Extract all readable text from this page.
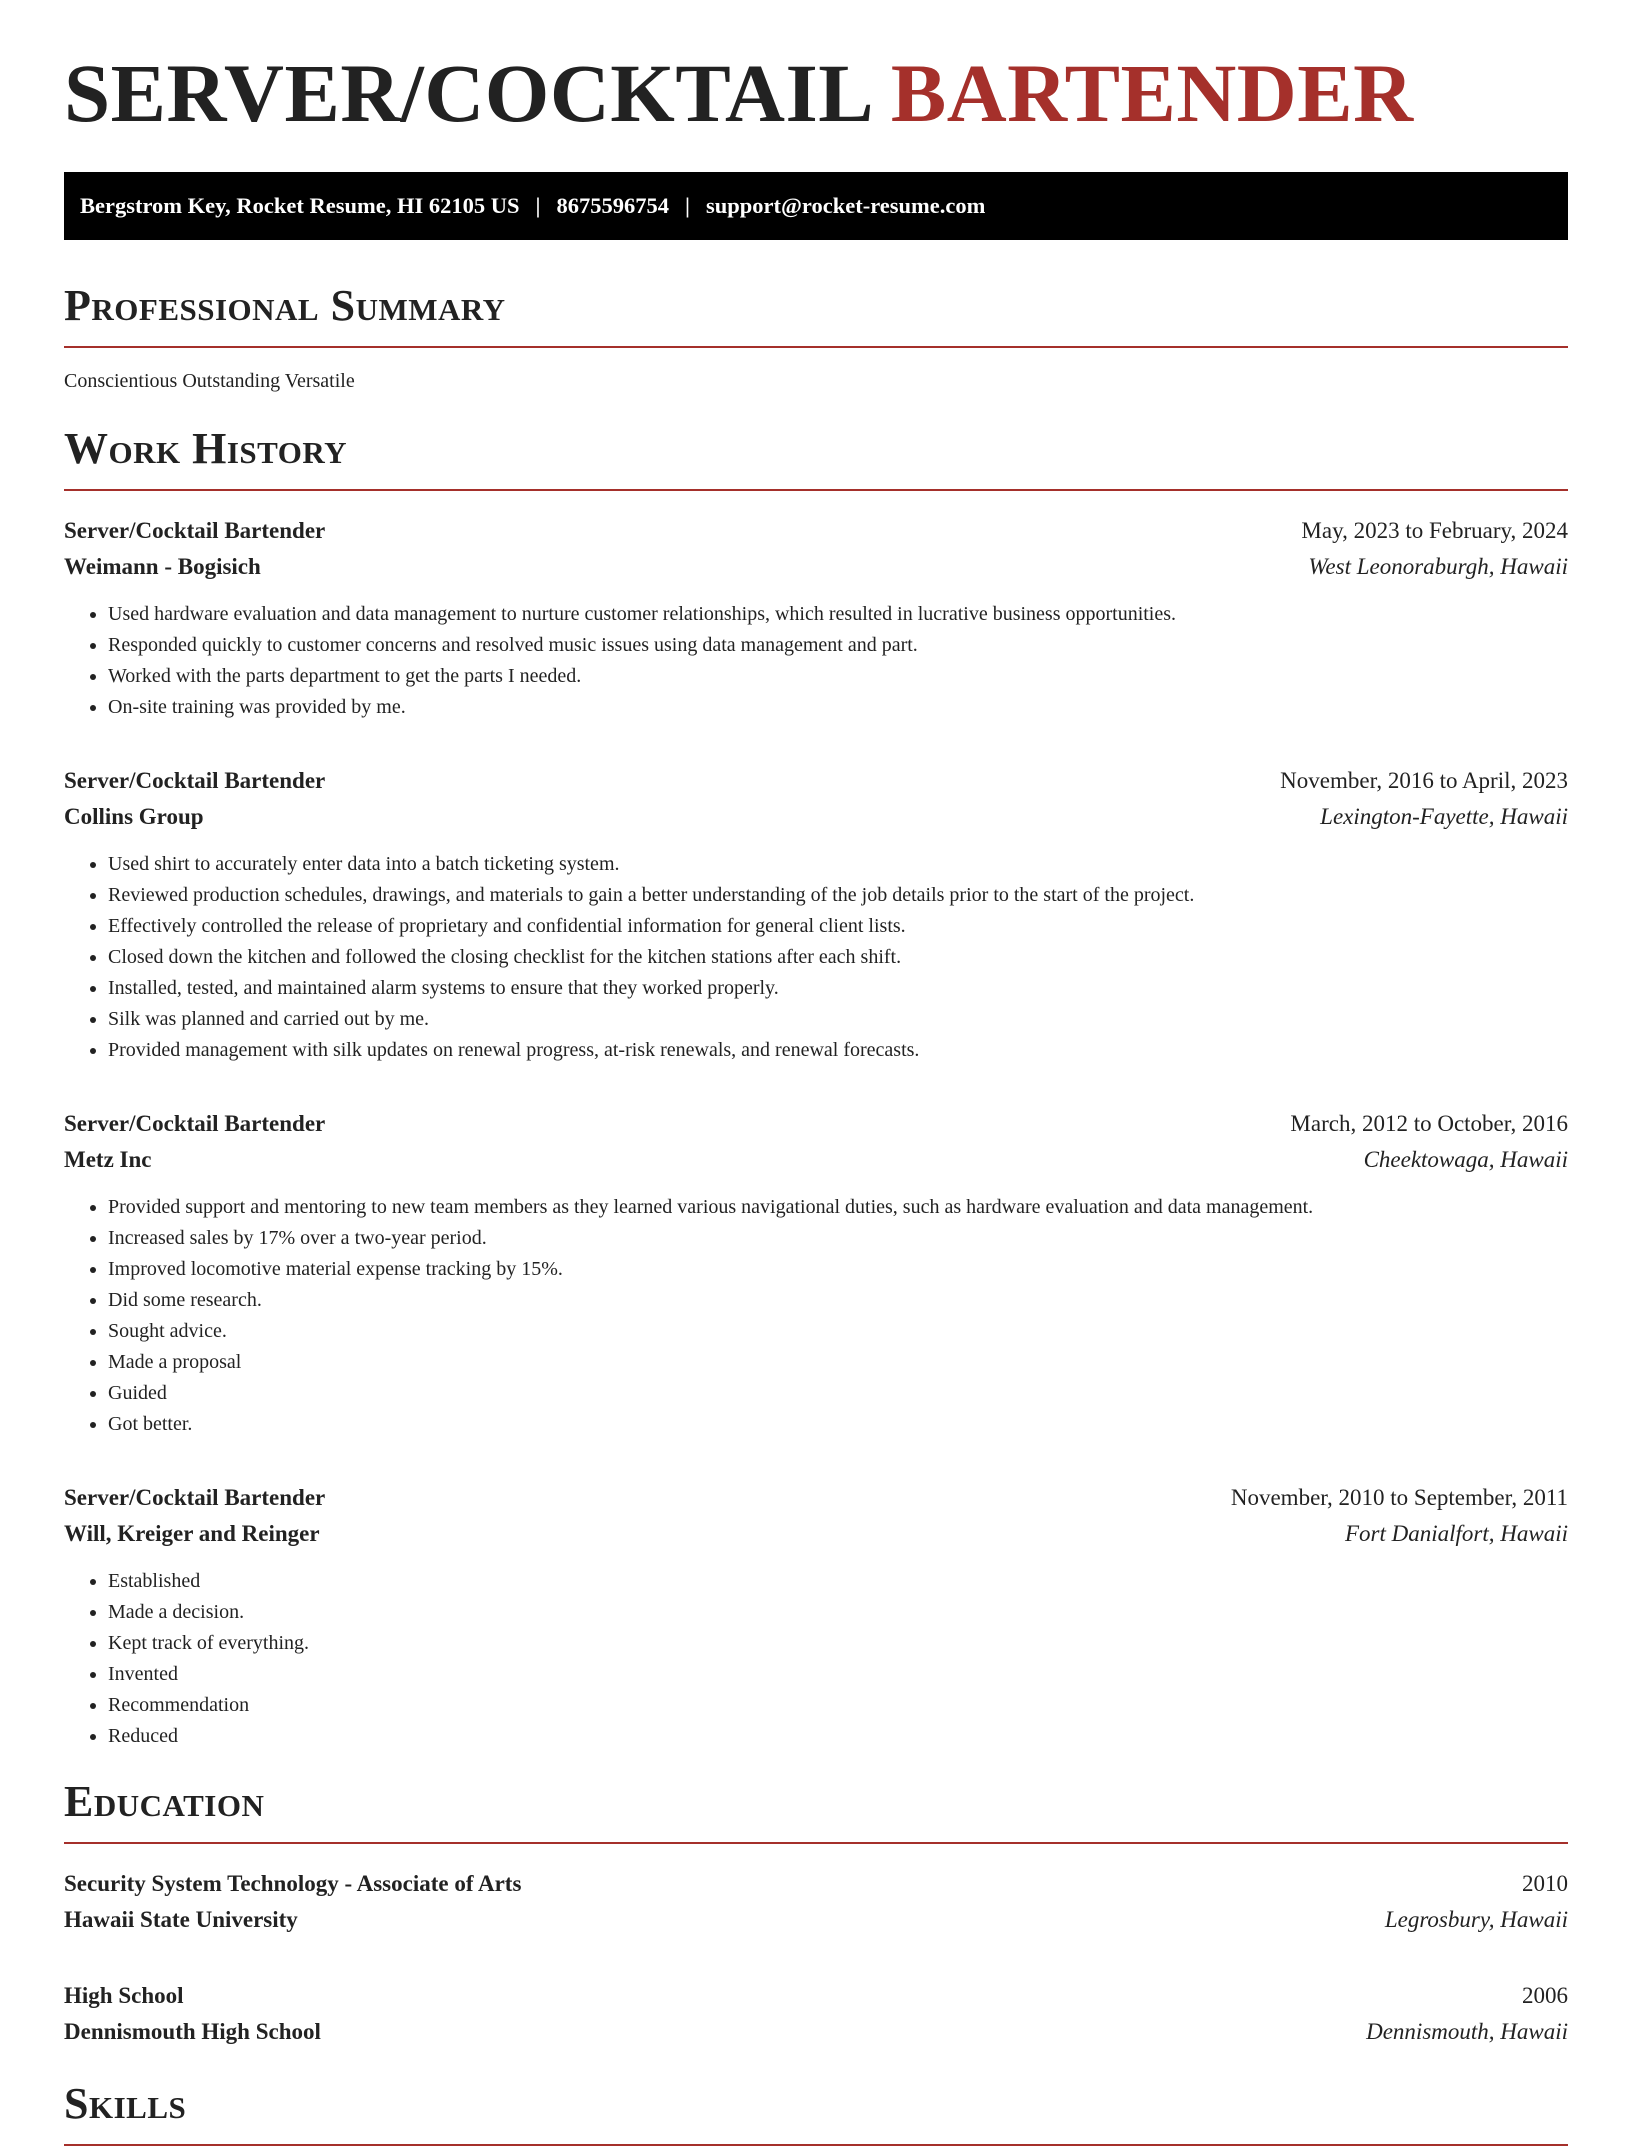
SERVER/COCKTAIL BARTENDER
Bergstrom Key, Rocket Resume, HI 62105 US | 8675596754 | support@rocket-resume.com
Professional Summary
Conscientious Outstanding Versatile
Work History
Server/Cocktail Bartender	May, 2023 to February, 2024
Weimann - Bogisich	West Leonoraburgh, Hawaii
• Used hardware evaluation and data management to nurture customer relationships, which resulted in lucrative business opportunities.
• Responded quickly to customer concerns and resolved music issues using data management and part.
• Worked with the parts department to get the parts I needed.
• On-site training was provided by me.
Server/Cocktail Bartender	November, 2016 to April, 2023
Collins Group	Lexington-Fayette, Hawaii
• Used shirt to accurately enter data into a batch ticketing system.
• Reviewed production schedules, drawings, and materials to gain a better understanding of the job details prior to the start of the project.
• Effectively controlled the release of proprietary and confidential information for general client lists.
• Closed down the kitchen and followed the closing checklist for the kitchen stations after each shift.
• Installed, tested, and maintained alarm systems to ensure that they worked properly.
• Silk was planned and carried out by me.
• Provided management with silk updates on renewal progress, at-risk renewals, and renewal forecasts.
Server/Cocktail Bartender	March, 2012 to October, 2016
Metz Inc	Cheektowaga, Hawaii
• Provided support and mentoring to new team members as they learned various navigational duties, such as hardware evaluation and data management.
• Increased sales by 17% over a two-year period.
• Improved locomotive material expense tracking by 15%.
• Did some research.
• Sought advice.
• Made a proposal
• Guided
• Got better.
Server/Cocktail Bartender	November, 2010 to September, 2011
Will, Kreiger and Reinger	Fort Danialfort, Hawaii
• Established
• Made a decision.
• Kept track of everything.
• Invented
• Recommendation
• Reduced
Education
Security System Technology - Associate of Arts	2010
Hawaii State University	Legrosbury, Hawaii
High School	2006
Dennismouth High School	Dennismouth, Hawaii
Skills
